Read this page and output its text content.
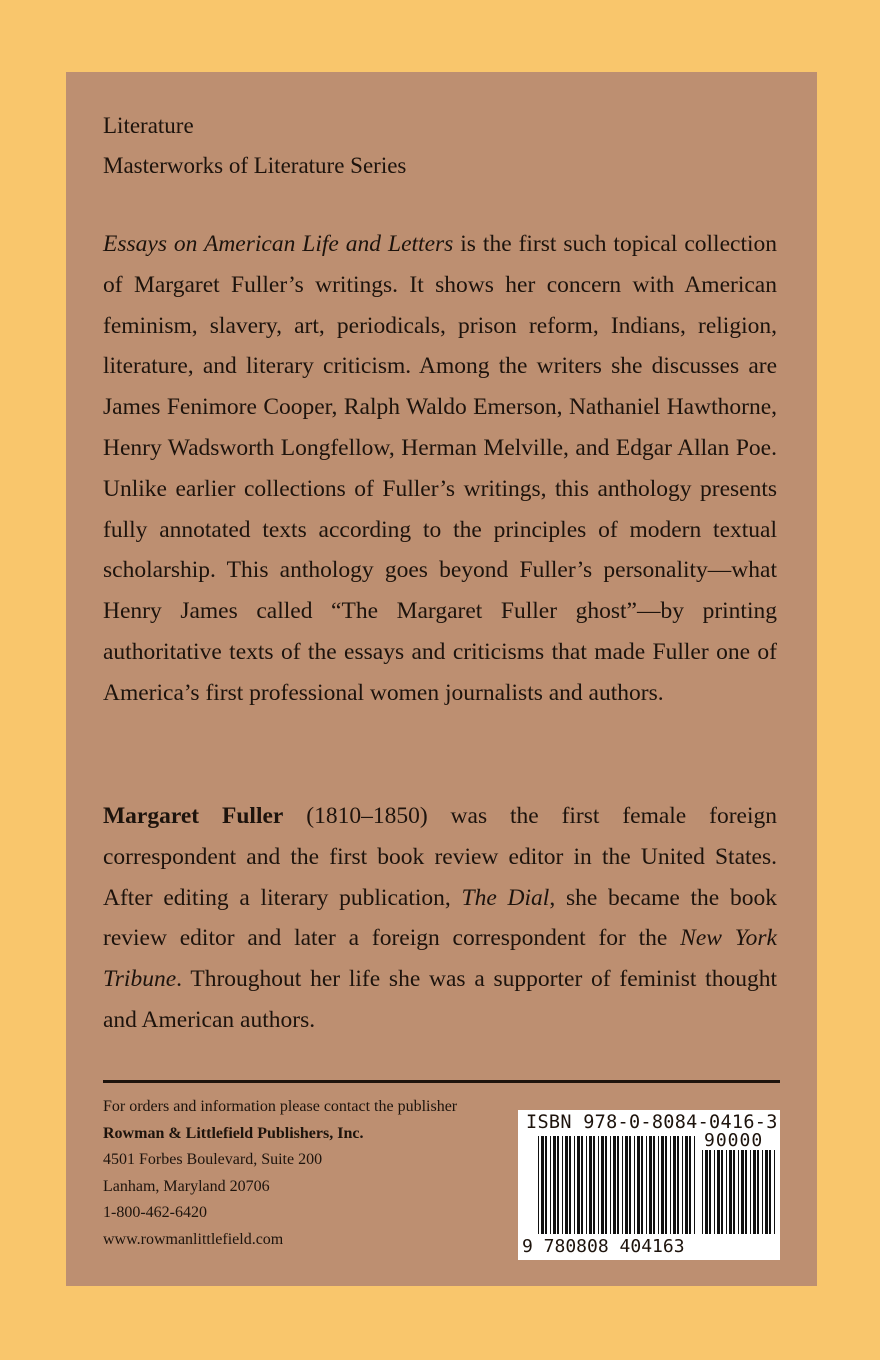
Literature
Masterworks of Literature Series

Essays on American Life and Letters is the first such topical collection of Margaret Fuller’s writings. It shows her concern with American feminism, slavery, art, periodicals, prison reform, Indians, religion, literature, and literary criticism. Among the writers she discusses are James Fenimore Cooper, Ralph Waldo Emerson, Nathaniel Hawthorne, Henry Wadsworth Longfellow, Herman Melville, and Edgar Allan Poe. Unlike earlier collections of Fuller’s writings, this anthology presents fully annotated texts according to the principles of modern textual scholarship. This anthology goes beyond Fuller’s personality—what Henry James called “The Margaret Fuller ghost”—by printing authoritative texts of the essays and criticisms that made Fuller one of America’s first professional women journalists and authors.

Margaret Fuller (1810–1850) was the first female foreign correspondent and the first book review editor in the United States. After editing a literary publication, The Dial, she became the book review editor and later a foreign correspondent for the New York Tribune. Throughout her life she was a supporter of feminist thought and American authors.

For orders and information please contact the publisher
Rowman & Littlefield Publishers, Inc.
4501 Forbes Boulevard, Suite 200
Lanham, Maryland 20706
1-800-462-6420
www.rowmanlittlefield.com
ISBN 978-0-8084-0416-3
90000
9 780808 404163
